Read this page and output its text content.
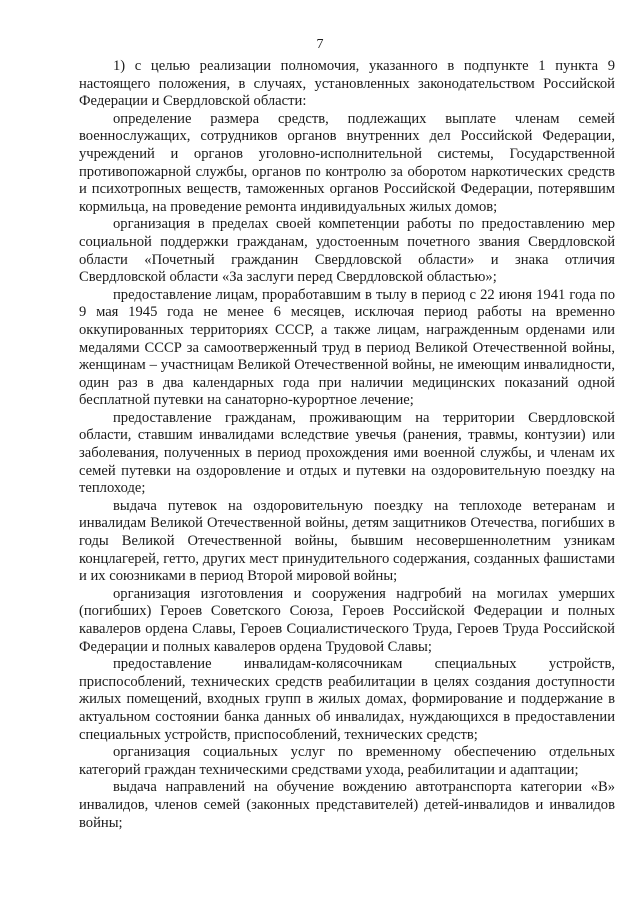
7

1) с целью реализации полномочия, указанного в подпункте 1 пункта 9 настоящего положения, в случаях, установленных законодательством Российской Федерации и Свердловской области:

определение размера средств, подлежащих выплате членам семей военнослужащих, сотрудников органов внутренних дел Российской Федерации, учреждений и органов уголовно-исполнительной системы, Государственной противопожарной службы, органов по контролю за оборотом наркотических средств и психотропных веществ, таможенных органов Российской Федерации, потерявшим кормильца, на проведение ремонта индивидуальных жилых домов;

организация в пределах своей компетенции работы по предоставлению мер социальной поддержки гражданам, удостоенным почетного звания Свердловской области «Почетный гражданин Свердловской области» и знака отличия Свердловской области «За заслуги перед Свердловской областью»;

предоставление лицам, проработавшим в тылу в период с 22 июня 1941 года по 9 мая 1945 года не менее 6 месяцев, исключая период работы на временно оккупированных территориях СССР, а также лицам, награжденным орденами или медалями СССР за самоотверженный труд в период Великой Отечественной войны, женщинам – участницам Великой Отечественной войны, не имеющим инвалидности, один раз в два календарных года при наличии медицинских показаний одной бесплатной путевки на санаторно-курортное лечение;

предоставление гражданам, проживающим на территории Свердловской области, ставшим инвалидами вследствие увечья (ранения, травмы, контузии) или заболевания, полученных в период прохождения ими военной службы, и членам их семей путевки на оздоровление и отдых и путевки на оздоровительную поездку на теплоходе;

выдача путевок на оздоровительную поездку на теплоходе ветеранам и инвалидам Великой Отечественной войны, детям защитников Отечества, погибших в годы Великой Отечественной войны, бывшим несовершеннолетним узникам концлагерей, гетто, других мест принудительного содержания, созданных фашистами и их союзниками в период Второй мировой войны;

организация изготовления и сооружения надгробий на могилах умерших (погибших) Героев Советского Союза, Героев Российской Федерации и полных кавалеров ордена Славы, Героев Социалистического Труда, Героев Труда Российской Федерации и полных кавалеров ордена Трудовой Славы;

предоставление инвалидам-колясочникам специальных устройств, приспособлений, технических средств реабилитации в целях создания доступности жилых помещений, входных групп в жилых домах, формирование и поддержание в актуальном состоянии банка данных об инвалидах, нуждающихся в предоставлении специальных устройств, приспособлений, технических средств;

организация социальных услуг по временному обеспечению отдельных категорий граждан техническими средствами ухода, реабилитации и адаптации;

выдача направлений на обучение вождению автотранспорта категории «В» инвалидов, членов семей (законных представителей) детей-инвалидов и инвалидов войны;
